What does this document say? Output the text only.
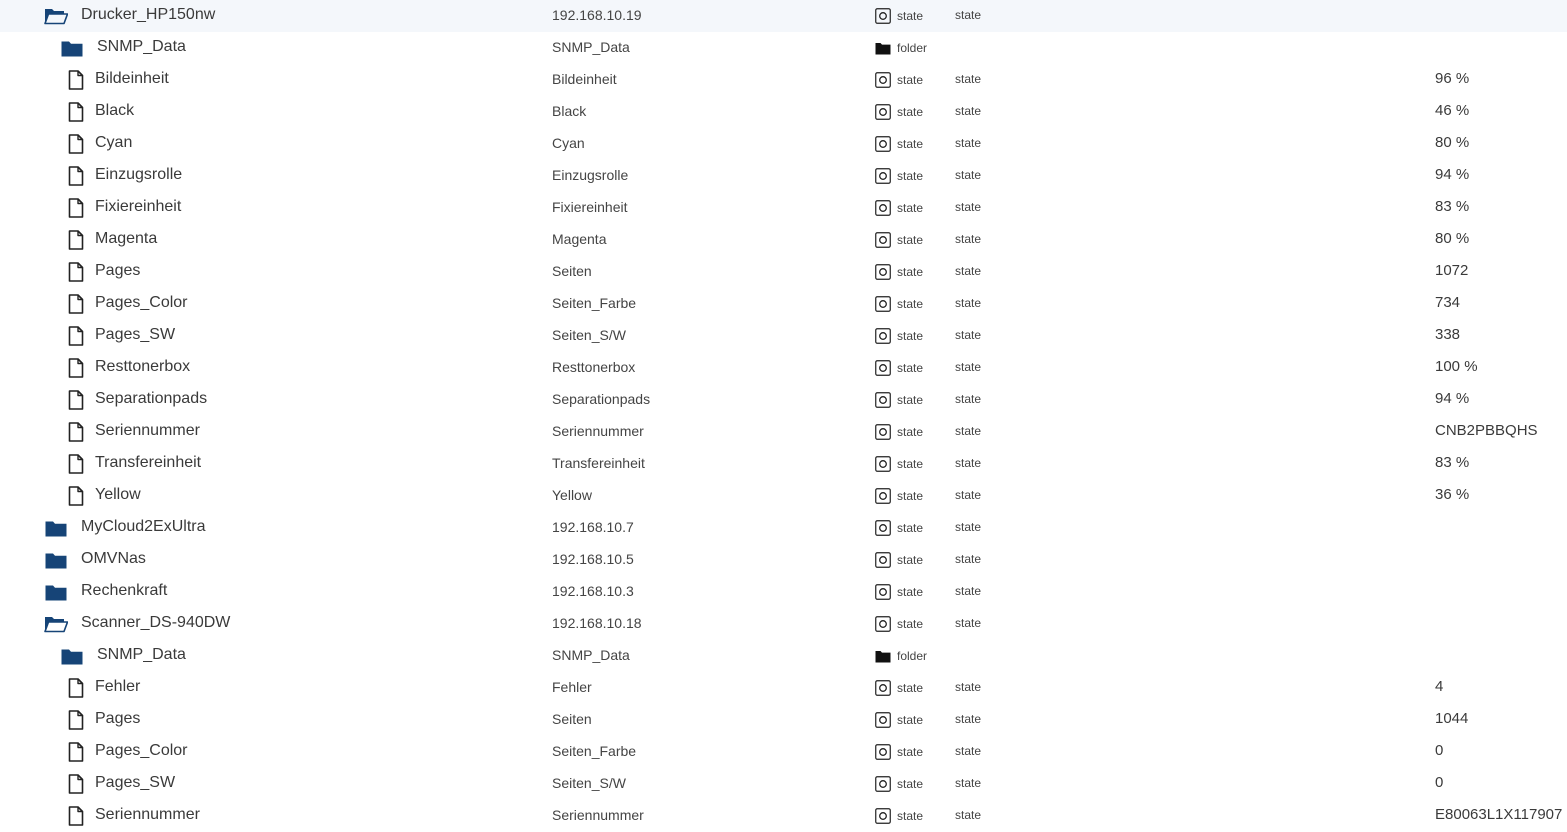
Drucker_HP150nw	192.168.10.19	state	state
SNMP_Data	SNMP_Data	folder
Bildeinheit	Bildeinheit	state	state	96 %
Black	Black	state	state	46 %
Cyan	Cyan	state	state	80 %
Einzugsrolle	Einzugsrolle	state	state	94 %
Fixiereinheit	Fixiereinheit	state	state	83 %
Magenta	Magenta	state	state	80 %
Pages	Seiten	state	state	1072
Pages_Color	Seiten_Farbe	state	state	734
Pages_SW	Seiten_S/W	state	state	338
Resttonerbox	Resttonerbox	state	state	100 %
Separationpads	Separationpads	state	state	94 %
Seriennummer	Seriennummer	state	state	CNB2PBBQHS
Transfereinheit	Transfereinheit	state	state	83 %
Yellow	Yellow	state	state	36 %
MyCloud2ExUltra	192.168.10.7	state	state
OMVNas	192.168.10.5	state	state
Rechenkraft	192.168.10.3	state	state
Scanner_DS-940DW	192.168.10.18	state	state
SNMP_Data	SNMP_Data	folder
Fehler	Fehler	state	state	4
Pages	Seiten	state	state	1044
Pages_Color	Seiten_Farbe	state	state	0
Pages_SW	Seiten_S/W	state	state	0
Seriennummer	Seriennummer	state	state	E80063L1X117907
